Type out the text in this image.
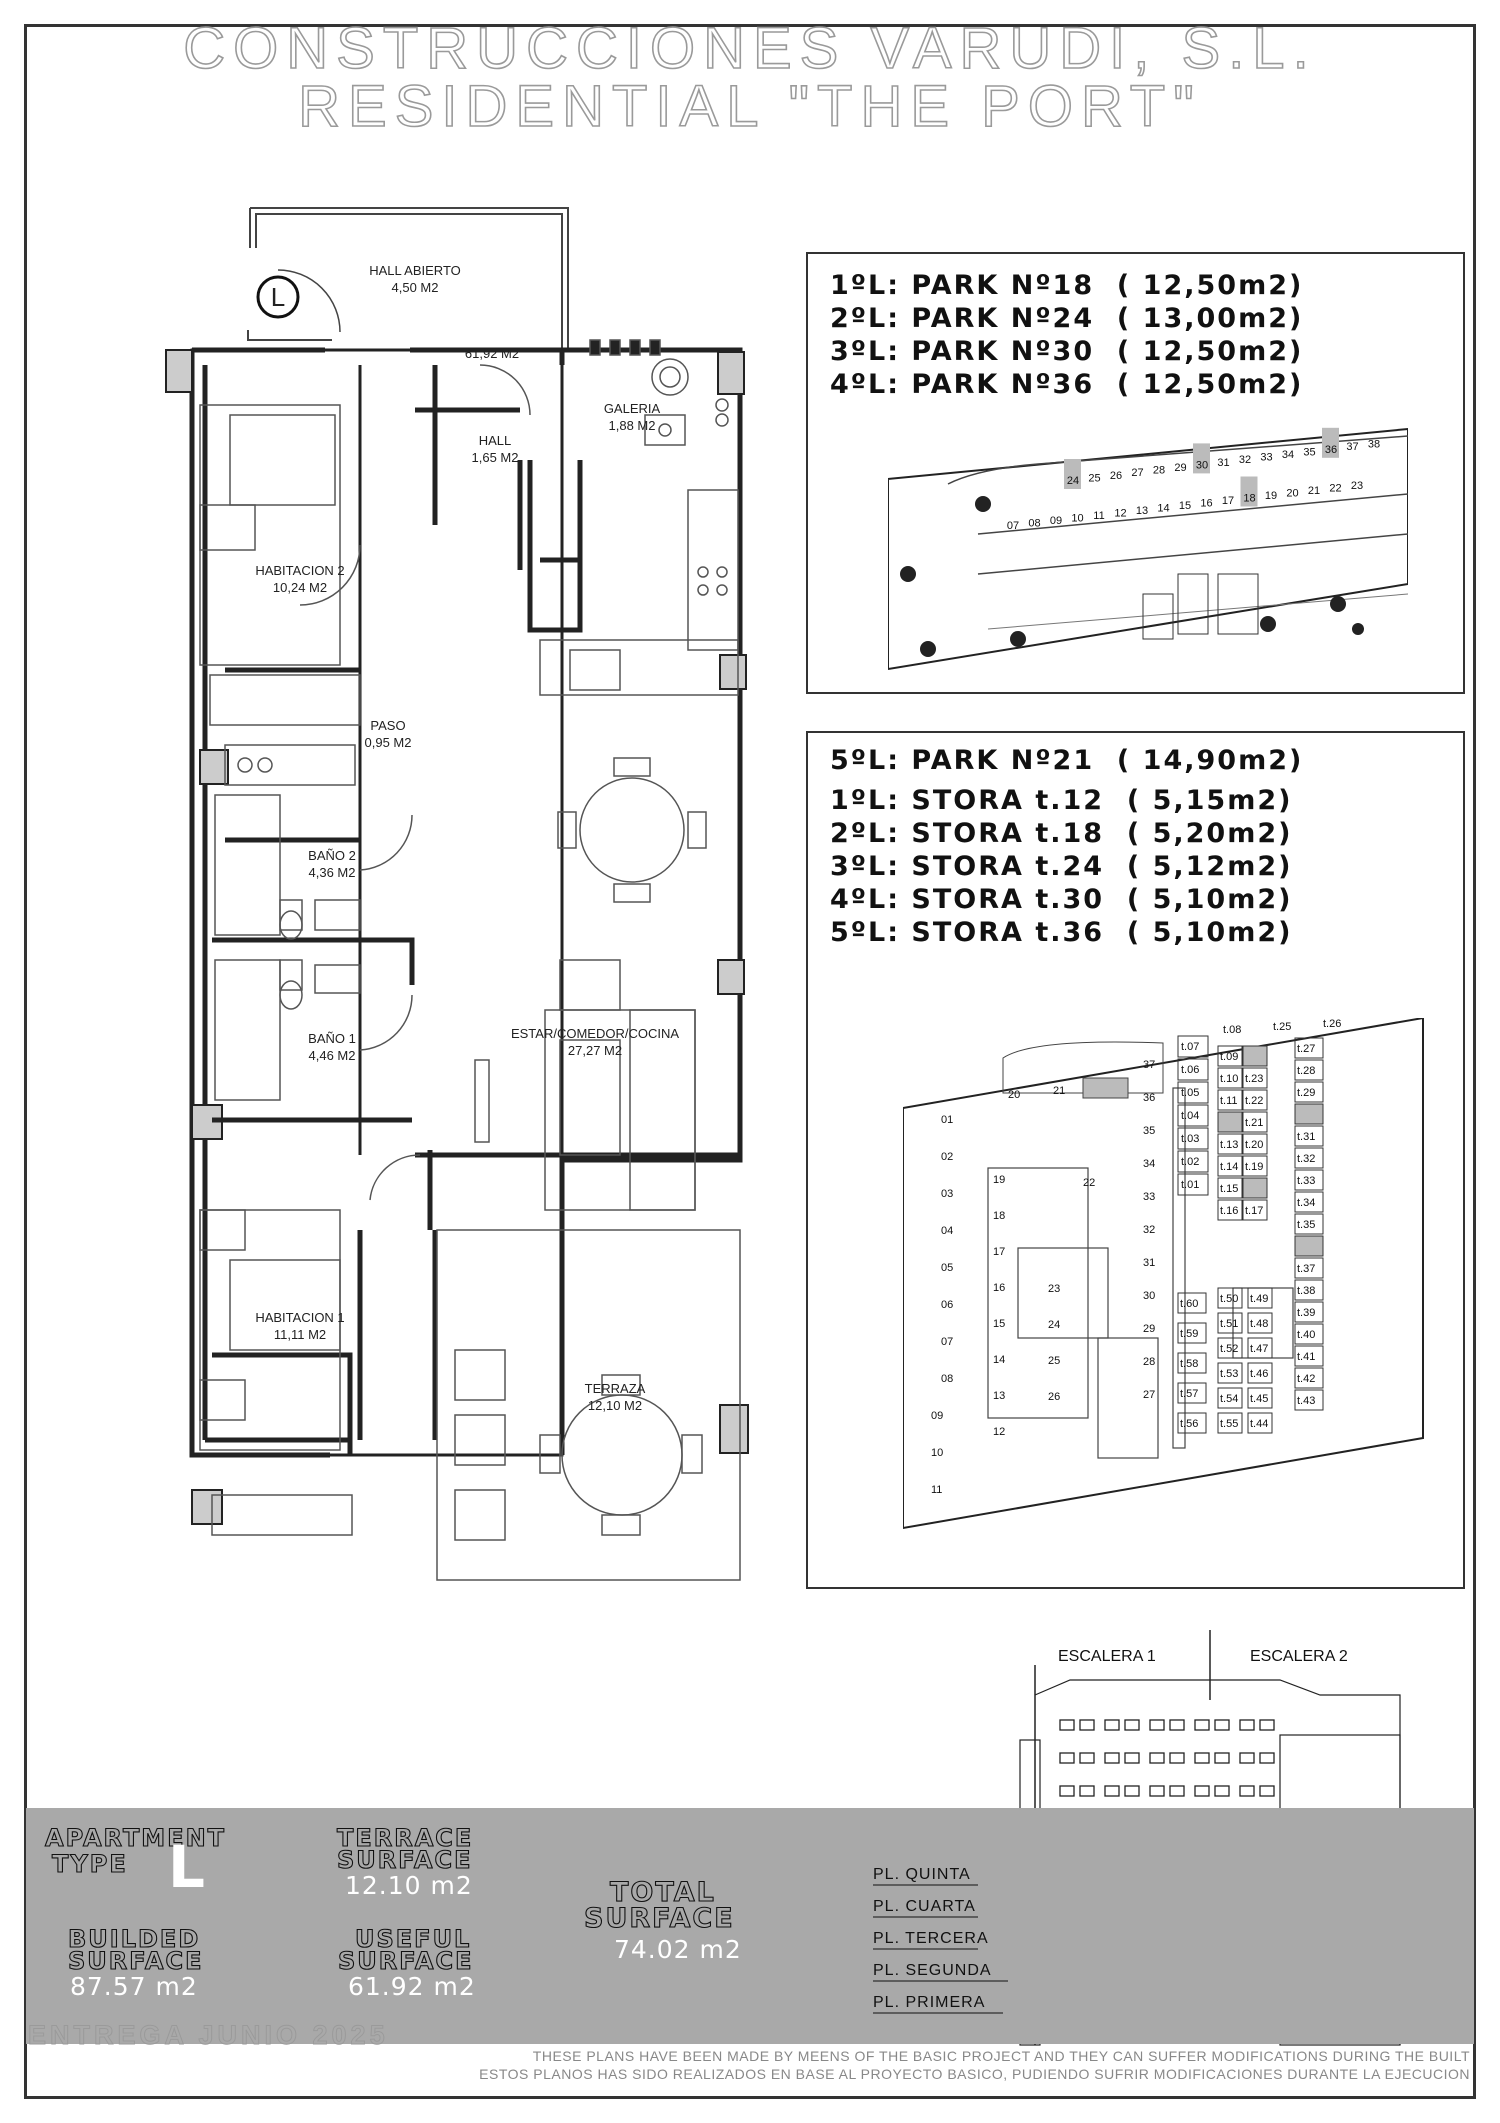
CONSTRUCCIONES VARUDI, S.L.
RESIDENTIAL "THE PORT"
L
HALL ABIERTO
4,50 M2
61,92 M2
HALL
1,65 M2
GALERIA
1,88 M2
HABITACION 2
10,24 M2
PASO
0,95 M2
BAÑO 2
4,36 M2
BAÑO 1
4,46 M2
ESTAR/COMEDOR/COCINA
27,27 M2
HABITACION 1
11,11 M2
TERRAZA
12,10 M2
1ºL: PARK Nº18  ( 12,50m2)
2ºL: PARK Nº24  ( 13,00m2)
3ºL: PARK Nº30  ( 12,50m2)
4ºL: PARK Nº36  ( 12,50m2)
24 25 26 27 28 29 30 31 32 33 34 35 36 37 38
07 08 09 10 11 12 13 14 15 16 17 18 19 20 21 22 23
5ºL: PARK Nº21  ( 14,90m2)
1ºL: STORA t.12  ( 5,15m2)
2ºL: STORA t.18  ( 5,20m2)
3ºL: STORA t.24  ( 5,12m2)
4ºL: STORA t.30  ( 5,10m2)
5ºL: STORA t.36  ( 5,10m2)
01
02
03
04
05
06
07
08
09
10
11
19
18
17
16
15
14
13
12
22
23
24
25
26
37
36
35
34
33
32
31
30
29
28
27
20	21
t.07
t.06
t.05
t.04
t.03
t.02
t.01
t.09
t.10
t.11
t.13
t.14
t.15
t.16
t.23
t.22
t.21
t.20
t.19
t.17
t.08	t.25	t.26
t.27
t.28
t.29
t.31
t.32
t.33
t.34
t.35
t.37
t.38
t.39
t.40
t.41
t.42
t.43
t.60
t.59
t.58
t.57
t.56
t.50
t.51
t.52
t.53
t.54
t.55
t.49
t.48
t.47
t.46
t.45
t.44
ESCALERA 1	ESCALERA 2
APARTMENT
TYPE L	TERRACE
SURFACE
12.10 m2
BUILDED
SURFACE
87.57 m2
USEFUL
SURFACE
61.92 m2
TOTAL
SURFACE
74.02 m2
PL. QUINTA
PL. CUARTA
PL. TERCERA
PL. SEGUNDA
PL. PRIMERA
ENTREGA JUNIO 2025
THESE PLANS HAVE BEEN MADE BY MEENS OF THE BASIC PROJECT AND THEY CAN SUFFER MODIFICATIONS DURING THE BUILT
ESTOS PLANOS HAS SIDO REALIZADOS EN BASE AL PROYECTO BASICO, PUDIENDO SUFRIR MODIFICACIONES DURANTE LA EJECUCION
